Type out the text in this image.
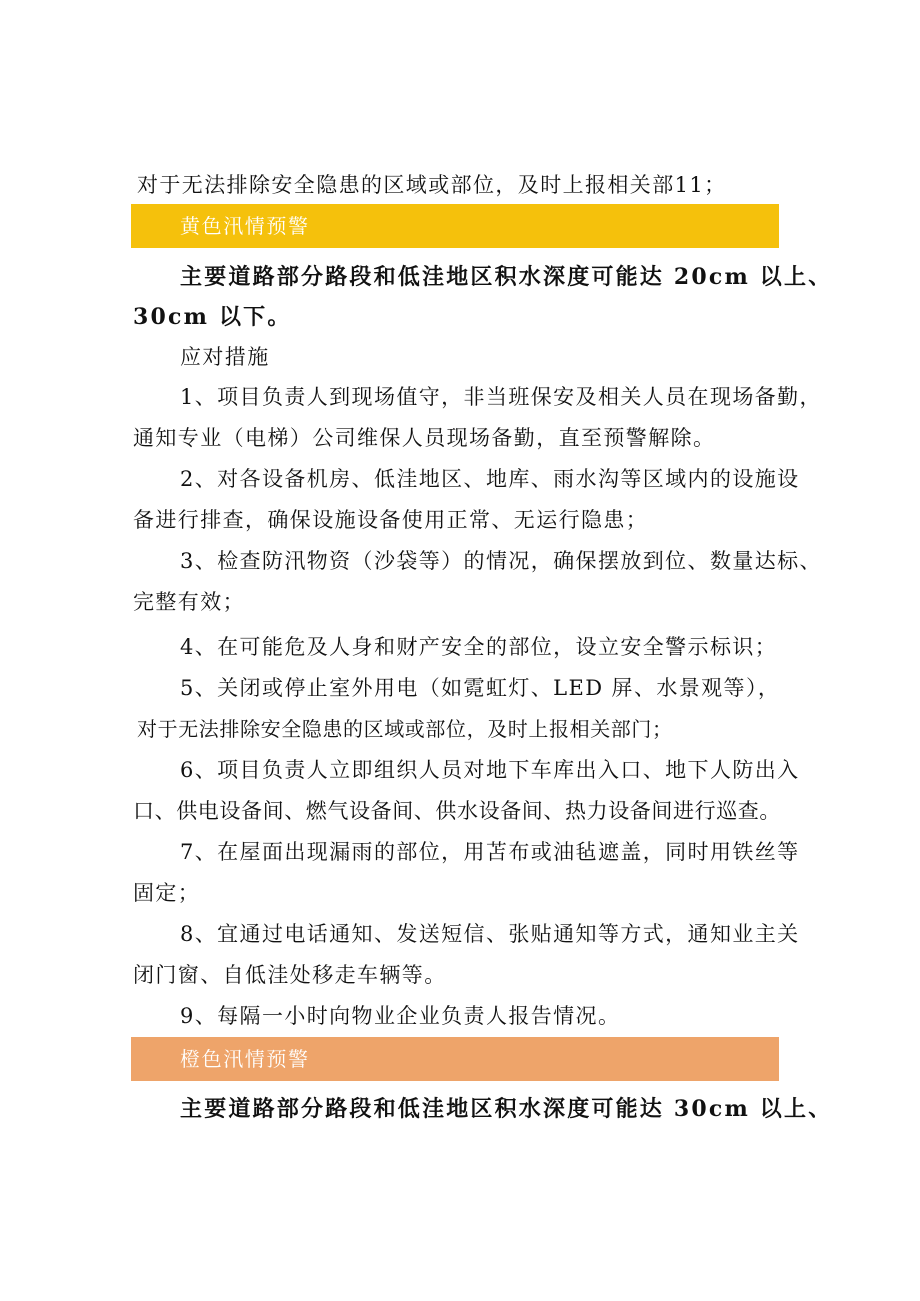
对于无法排除安全隐患的区域或部位，及时上报相关部11；
黄色汛情预警
主要道路部分路段和低洼地区积水深度可能达 20cm 以上、
30cm 以下。
应对措施
1、项目负责人到现场值守，非当班保安及相关人员在现场备勤，
通知专业（电梯）公司维保人员现场备勤，直至预警解除。
2、对各设备机房、低洼地区、地库、雨水沟等区域内的设施设
备进行排查，确保设施设备使用正常、无运行隐患；
3、检查防汛物资（沙袋等）的情况，确保摆放到位、数量达标、
完整有效；
4、在可能危及人身和财产安全的部位，设立安全警示标识；
5、关闭或停止室外用电（如霓虹灯、LED 屏、水景观等），
对于无法排除安全隐患的区域或部位，及时上报相关部门；
6、项目负责人立即组织人员对地下车库出入口、地下人防出入
口、供电设备间、燃气设备间、供水设备间、热力设备间进行巡查。
7、在屋面出现漏雨的部位，用苫布或油毡遮盖，同时用铁丝等
固定；
8、宜通过电话通知、发送短信、张贴通知等方式，通知业主关
闭门窗、自低洼处移走车辆等。
9、每隔一小时向物业企业负责人报告情况。
橙色汛情预警
主要道路部分路段和低洼地区积水深度可能达 30cm 以上、
